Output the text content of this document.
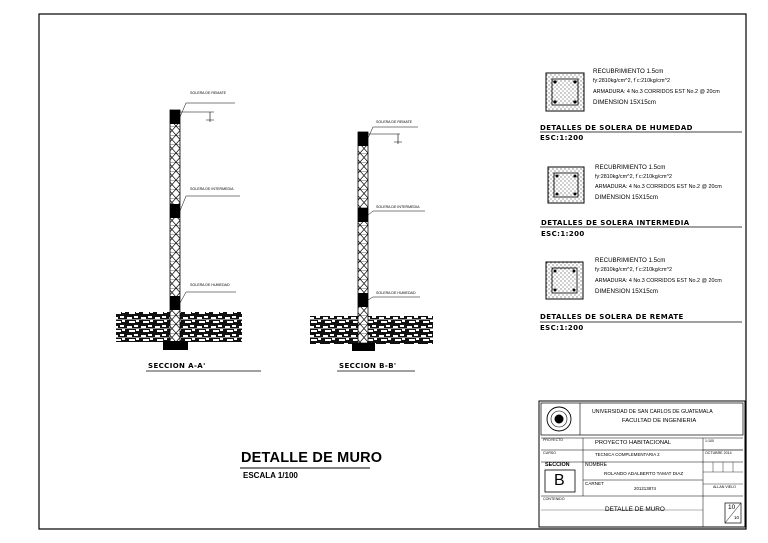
SOLERA DE REMATE
SOLERA DE INTERMEDIA
SOLERA DE HUMEDAD
SECCION A-A'
SOLERA DE REMATE
SOLERA DE INTERMEDIA
SOLERA DE HUMEDAD
SECCION B-B'
RECUBRIMIENTO 1.5cm
fy:2810kg/cm^2, f´c:210kg/cm^2
ARMADURA: 4 No.3 CORRIDOS EST No.2 @ 20cm
DIMENSION 15X15cm
DETALLES DE SOLERA DE HUMEDAD
ESC:1:200
RECUBRIMIENTO 1.5cm
fy:2810kg/cm^2, f´c:210kg/cm^2
ARMADURA: 4 No.3 CORRIDOS EST No.2 @ 20cm
DIMENSION 15X15cm
DETALLES DE SOLERA INTERMEDIA
ESC:1:200
RECUBRIMIENTO 1.5cm
fy:2810kg/cm^2, f´c:210kg/cm^2
ARMADURA: 4 No.3 CORRIDOS EST No.2 @ 20cm
DIMENSION 15X15cm
DETALLES DE SOLERA DE REMATE
ESC:1:200
DETALLE DE MURO
ESCALA 1/100
UNIVERSIDAD DE SAN CARLOS DE GUATEMALA
FACULTAD DE INGENIERIA
PROYECTO	PROYECTO HABITACIONAL
CURSO	TECNICA COMPLEMENTARIA 2
1:100
OCTUBRE 2014
SECCION
B
NOMBRE
ROLANDO ADALBERTO TAMAT DIAZ
CARNET
201213874	ALLAN VIELO
CONTENIDO
DETALLE DE MURO	10
10
